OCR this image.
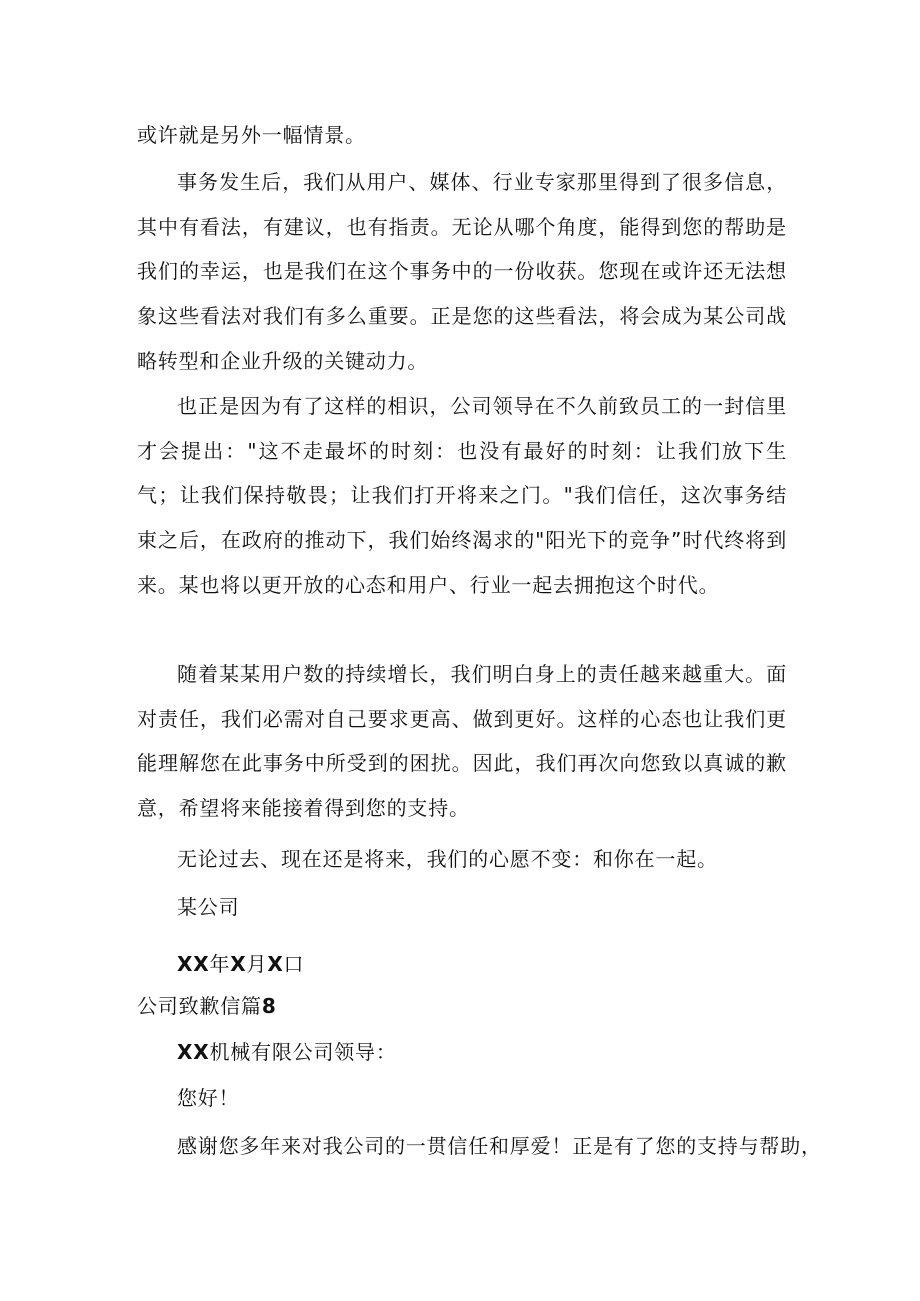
或许就是另外一幅情景。

事务发生后，我们从用户、媒体、行业专家那里得到了很多信息，其中有看法，有建议，也有指责。无论从哪个角度，能得到您的帮助是我们的幸运，也是我们在这个事务中的一份收获。您现在或许还无法想象这些看法对我们有多么重要。正是您的这些看法，将会成为某公司战略转型和企业升级的关键动力。

也正是因为有了这样的相识，公司领导在不久前致员工的一封信里才会提出："这不走最坏的时刻：也没有最好的时刻：让我们放下生气；让我们保持敬畏；让我们打开将来之门。"我们信任，这次事务结束之后，在政府的推动下，我们始终渴求的"阳光下的竞争”时代终将到来。某也将以更开放的心态和用户、行业一起去拥抱这个时代。

随着某某用户数的持续增长，我们明白身上的责任越来越重大。面对责任，我们必需对自己要求更高、做到更好。这样的心态也让我们更能理解您在此事务中所受到的困扰。因此，我们再次向您致以真诚的歉意，希望将来能接着得到您的支持。

无论过去、现在还是将来，我们的心愿不变：和你在一起。

某公司

XX年X月X口

公司致歉信篇8

XX机械有限公司领导：

您好！

感谢您多年来对我公司的一贯信任和厚爱！正是有了您的支持与帮助，
